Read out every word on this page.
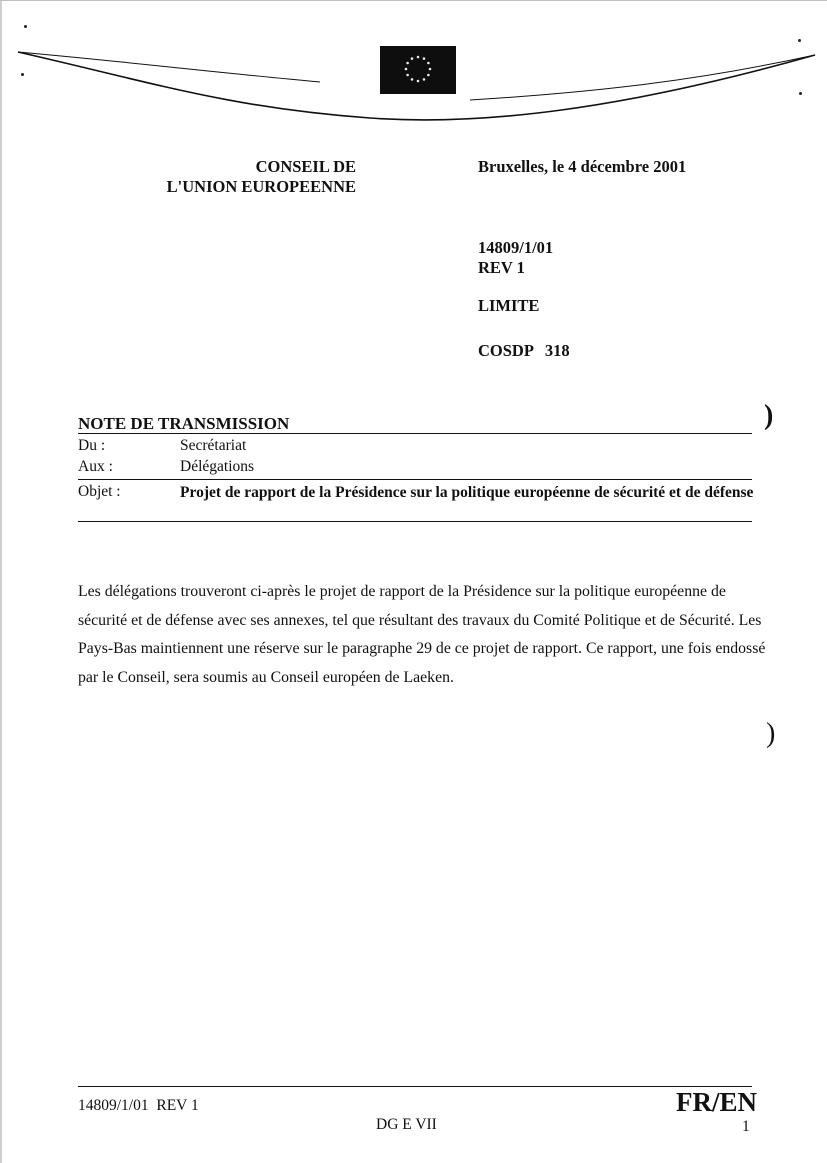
CONSEIL DE
L'UNION EUROPEENNE
Bruxelles, le 4 décembre 2001
14809/1/01
REV 1
LIMITE
COSDP 318
NOTE DE TRANSMISSION
Du :	Secrétariat
Aux :	Délégations
Objet :	Projet de rapport de la Présidence sur la politique européenne de sécurité et de défense
Les délégations trouveront ci-après le projet de rapport de la Présidence sur la politique européenne de sécurité et de défense avec ses annexes, tel que résultant des travaux du Comité Politique et de Sécurité. Les Pays-Bas maintiennent une réserve sur le paragraphe 29 de ce projet de rapport. Ce rapport, une fois endossé par le Conseil, sera soumis au Conseil européen de Laeken.
)
)
14809/1/01  REV 1
DG E VII
FR/EN
1
